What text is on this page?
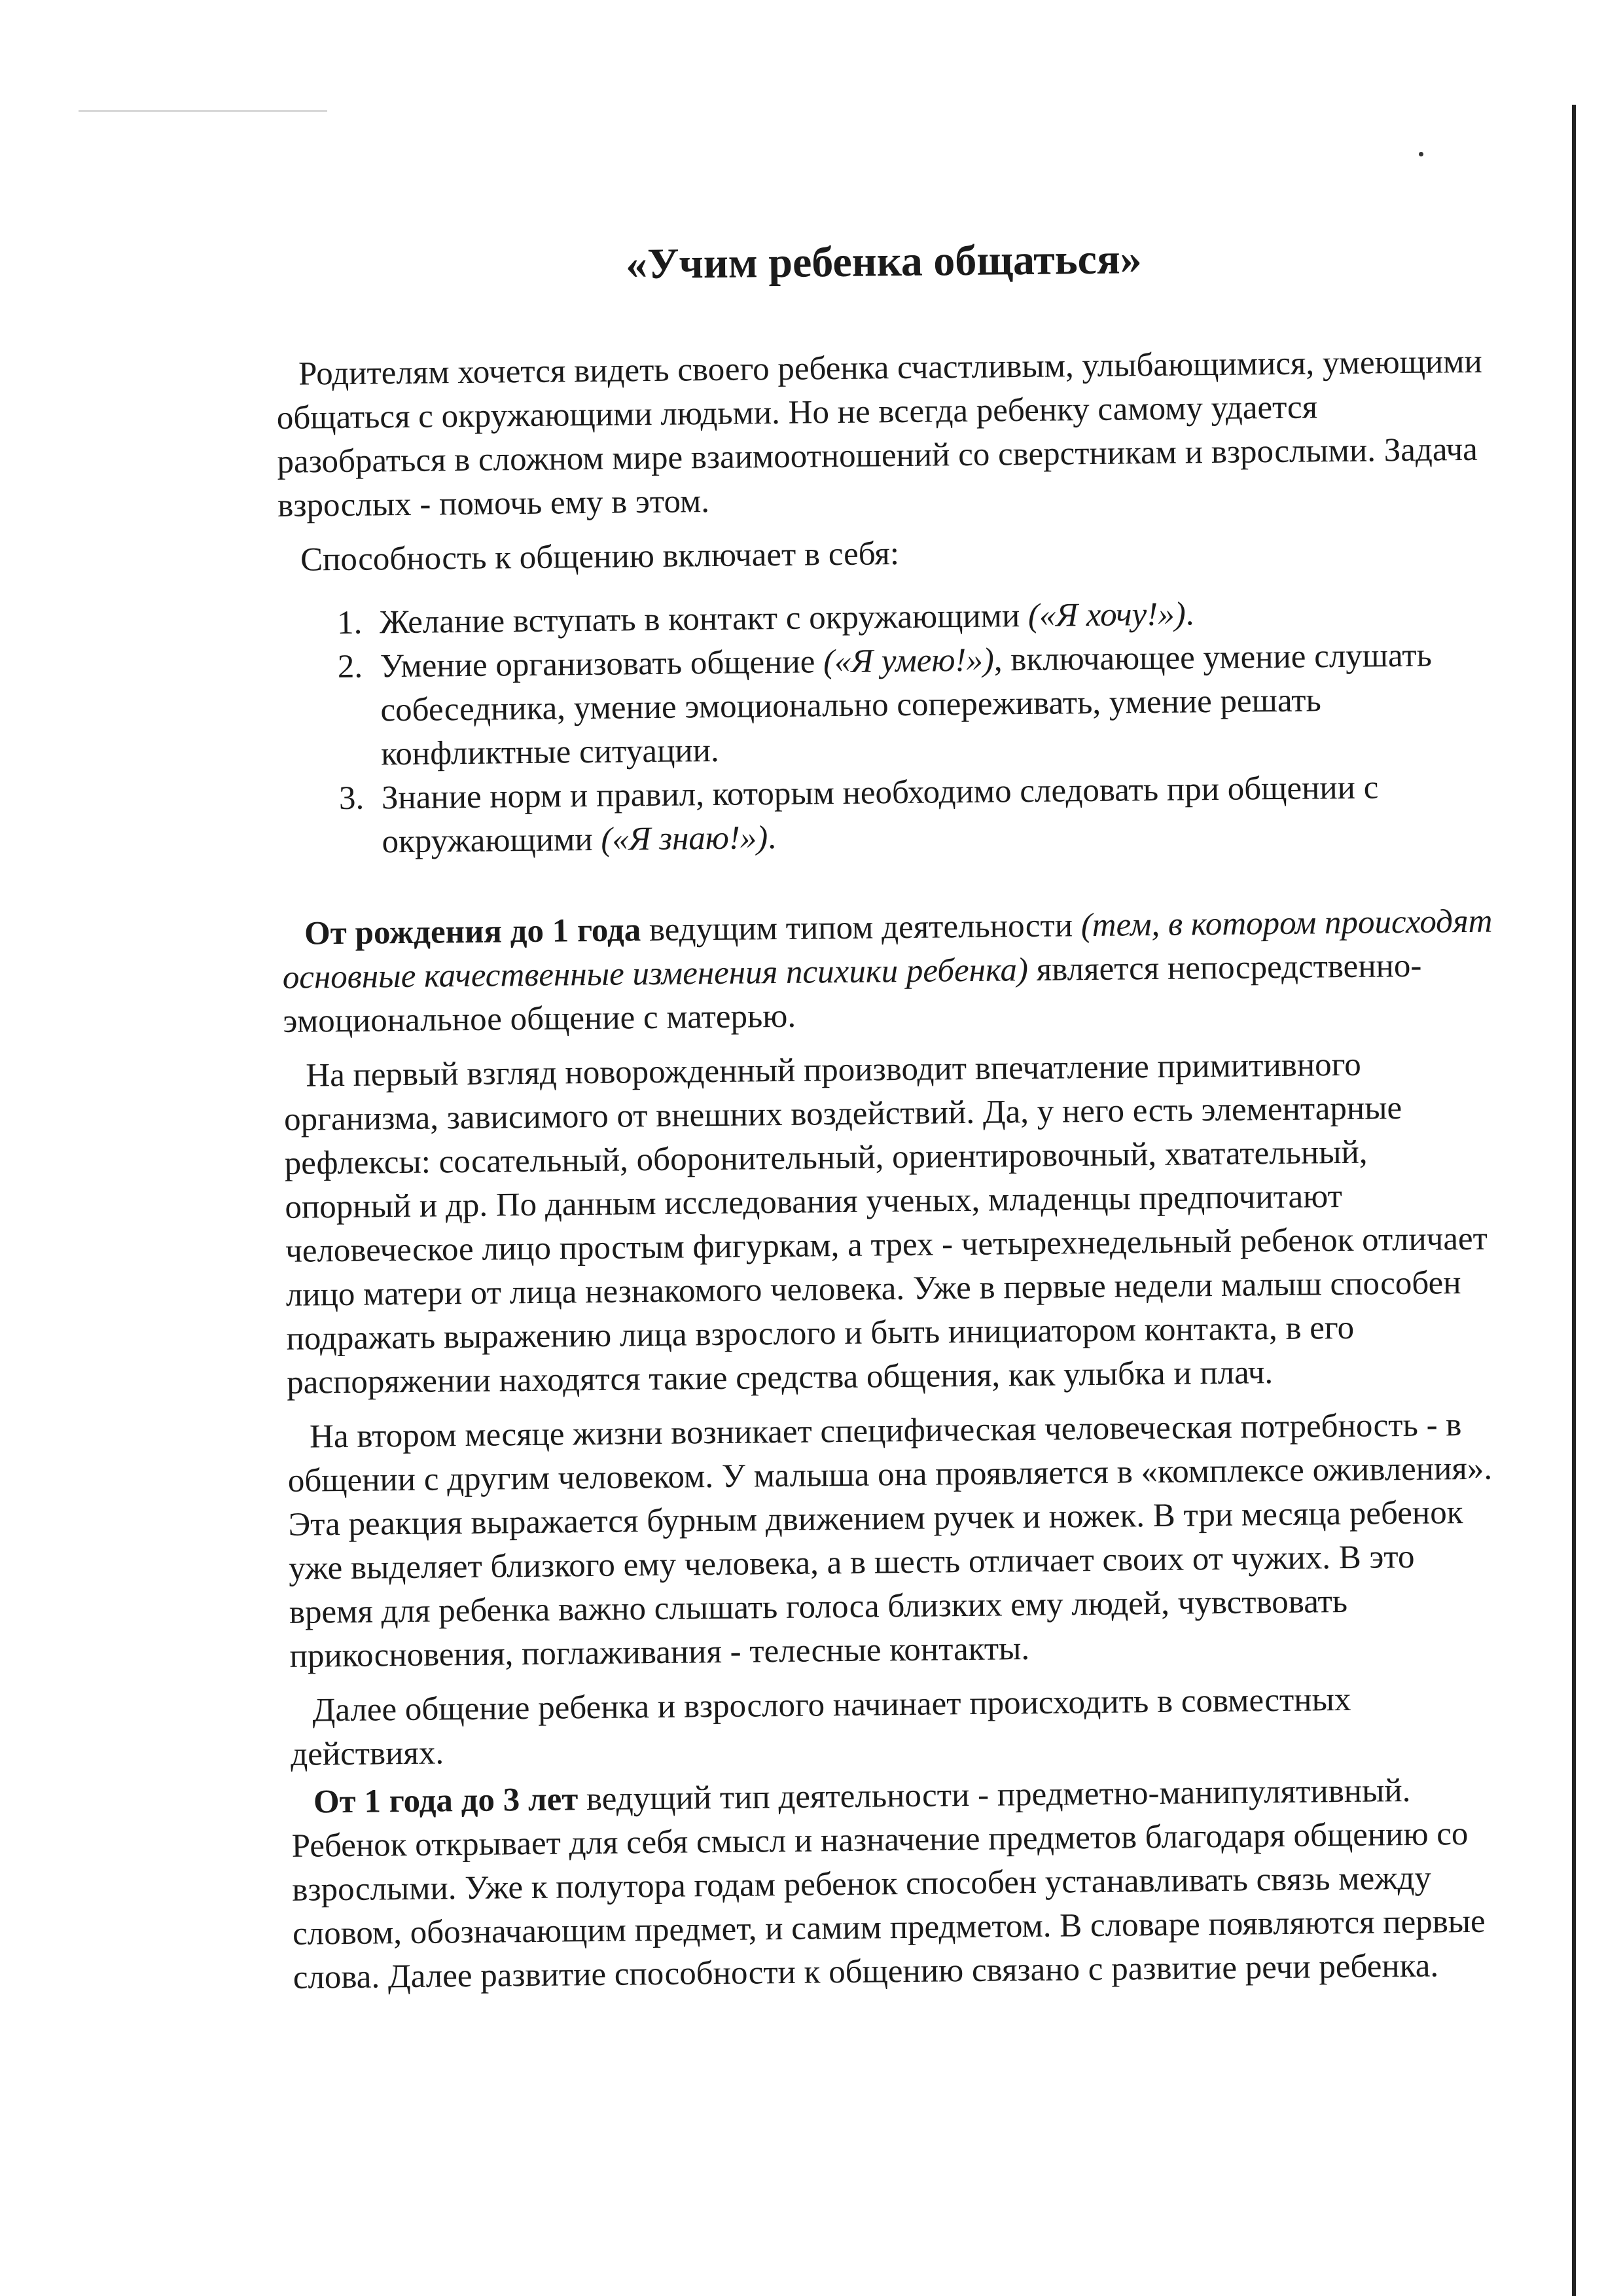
«Учим ребенка общаться»

Родителям хочется видеть своего ребенка счастливым, улыбающимися, умеющими общаться с окружающими людьми. Но не всегда ребенку самому удается разобраться в сложном мире взаимоотношений со сверстникам и взрослыми. Задача взрослых - помочь ему в этом.

Способность к общению включает в себя:

1. Желание вступать в контакт с окружающими («Я хочу!»).
2. Умение организовать общение («Я умею!»), включающее умение слушать собеседника, умение эмоционально сопереживать, умение решать конфликтные ситуации.
3. Знание норм и правил, которым необходимо следовать при общении с окружающими («Я знаю!»).

От рождения до 1 года ведущим типом деятельности (тем, в котором происходят основные качественные изменения психики ребенка) является непосредственно-эмоциональное общение с матерью.

На первый взгляд новорожденный производит впечатление примитивного организма, зависимого от внешних воздействий. Да, у него есть элементарные рефлексы: сосательный, оборонительный, ориентировочный, хватательный, опорный и др. По данным исследования ученых, младенцы предпочитают человеческое лицо простым фигуркам, а трех - четырехнедельный ребенок отличает лицо матери от лица незнакомого человека. Уже в первые недели малыш способен подражать выражению лица взрослого и быть инициатором контакта, в его распоряжении находятся такие средства общения, как улыбка и плач.

На втором месяце жизни возникает специфическая человеческая потребность - в общении с другим человеком. У малыша она проявляется в «комплексе оживления». Эта реакция выражается бурным движением ручек и ножек. В три месяца ребенок уже выделяет близкого ему человека, а в шесть отличает своих от чужих. В это время для ребенка важно слышать голоса близких ему людей, чувствовать прикосновения, поглаживания - телесные контакты.

Далее общение ребенка и взрослого начинает происходить в совместных действиях.

От 1 года до 3 лет ведущий тип деятельности - предметно-манипулятивный. Ребенок открывает для себя смысл и назначение предметов благодаря общению со взрослыми. Уже к полутора годам ребенок способен устанавливать связь между словом, обозначающим предмет, и самим предметом. В словаре появляются первые слова. Далее развитие способности к общению связано с развитие речи ребенка.
